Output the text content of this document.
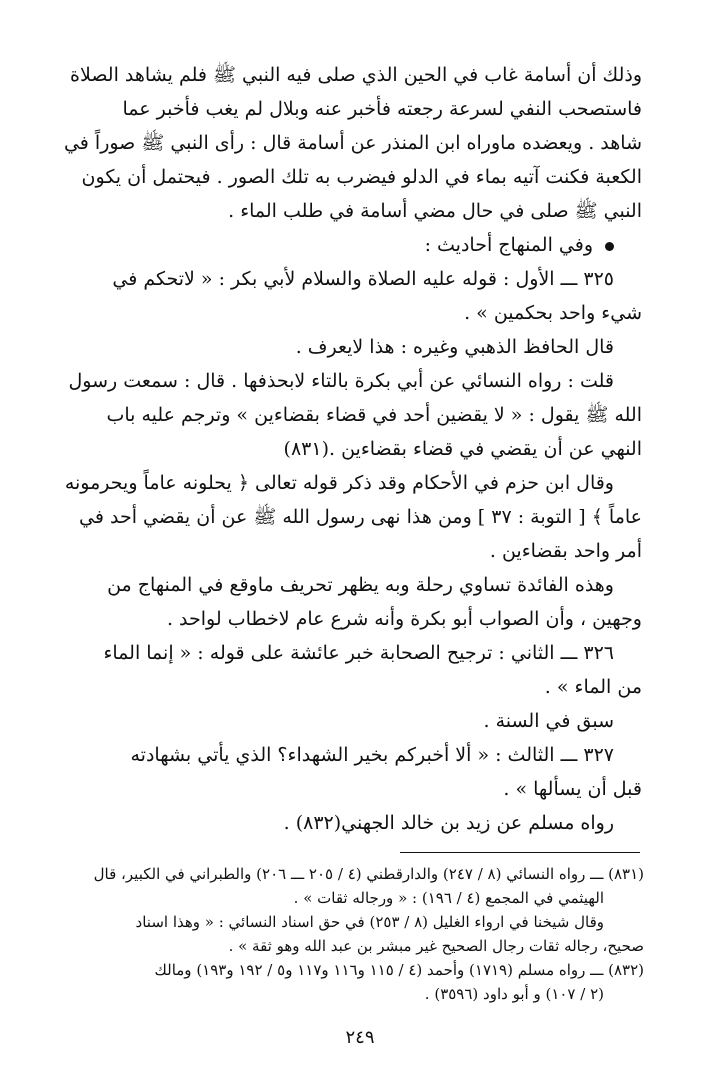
وذلك أن أسامة غاب في الحين الذي صلى فيه النبي ﷺ فلم يشاهد الصلاة
فاستصحب النفي لسرعة رجعته فأخبر عنه وبلال لم يغب فأخبر عما
شاهد . ويعضده ماوراه ابن المنذر عن أسامة قال : رأى النبي ﷺ صوراً في
الكعبة فكنت آتيه بماء في الدلو فيضرب به تلك الصور . فيحتمل أن يكون
النبي ﷺ صلى في حال مضي أسامة في طلب الماء .
وفي المنهاج أحاديث :
٣٢٥ ـــ الأول : قوله عليه الصلاة والسلام لأبي بكر : « لاتحكم في
شيء واحد بحكمين » .
قال الحافظ الذهبي وغيره : هذا لايعرف .
قلت : رواه النسائي عن أبي بكرة بالتاء لابحذفها . قال : سمعت رسول
الله ﷺ يقول : « لا يقضين أحد في قضاء بقضاءين » وترجم عليه باب
النهي عن أن يقضي في قضاء بقضاءين .(٨٣١)
وقال ابن حزم في الأحكام وقد ذكر قوله تعالى ﴿ يحلونه عاماً ويحرمونه
عاماً ﴾ [ التوبة : ٣٧ ] ومن هذا نهى رسول الله ﷺ عن أن يقضي أحد في
أمر واحد بقضاءين .
وهذه الفائدة تساوي رحلة وبه يظهر تحريف ماوقع في المنهاج من
وجهين ، وأن الصواب أبو بكرة وأنه شرع عام لاخطاب لواحد .
٣٢٦ ـــ الثاني : ترجيح الصحابة خبر عائشة على قوله : « إنما الماء
من الماء » .
سبق في السنة .
٣٢٧ ـــ الثالث : « ألا أخبركم بخير الشهداء؟ الذي يأتي بشهادته
قبل أن يسألها » .
رواه مسلم عن زيد بن خالد الجهني(٨٣٢) .
(٨٣١) ـــ رواه النسائي (٨ / ٢٤٧) والدارقطني (٤ / ٢٠٥ ـــ ٢٠٦) والطبراني في الكبير، قال
الهيثمي في المجمع (٤ / ١٩٦) : « ورجاله ثقات » .
وقال شيخنا في ارواء الغليل (٨ / ٢٥٣) في حق اسناد النسائي : « وهذا اسناد
صحيح، رجاله ثقات رجال الصحيح غير مبشر بن عبد الله وهو ثقة » .
(٨٣٢) ـــ رواه مسلم (١٧١٩) وأحمد (٤ / ١١٥ و١١٦ و١١٧ و٥ / ١٩٢ و١٩٣) ومالك
(٢ / ١٠٧) و أبو داود (٣٥٩٦) .
٢٤٩
